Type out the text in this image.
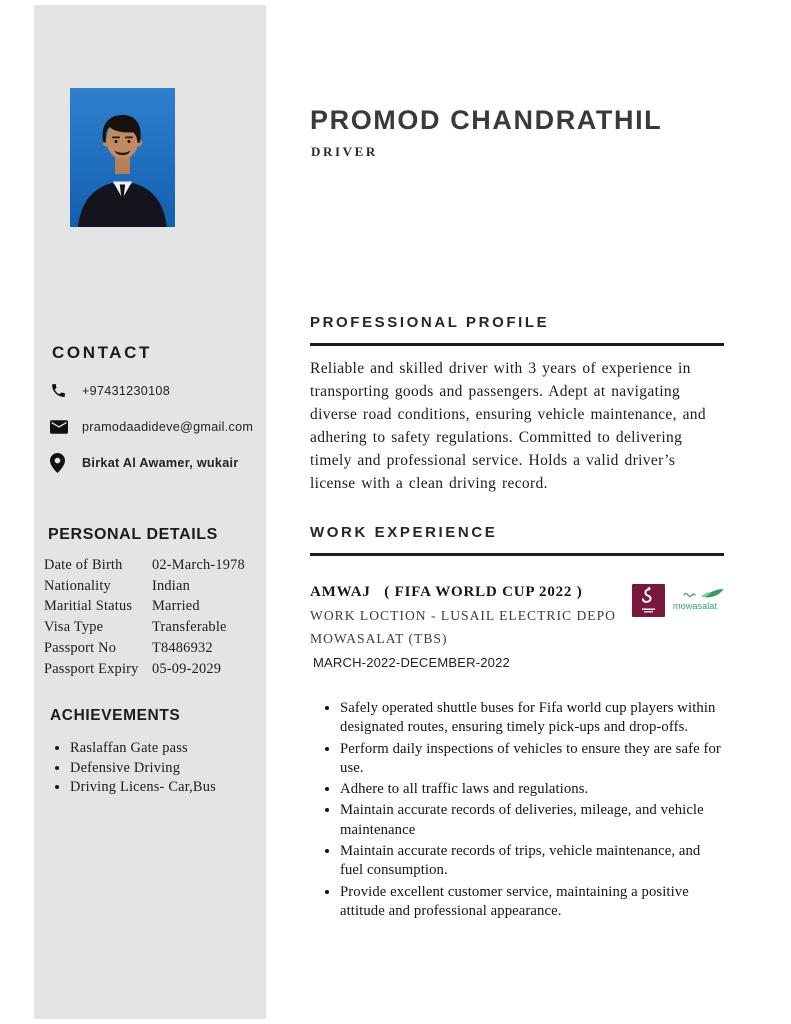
CONTACT
+97431230108
pramodaadideve@gmail.com
Birkat Al Awamer, wukair
PERSONAL DETAILS
Date of Birth	02-March-1978
Nationality	Indian
Maritial Status	Married
Visa Type	Transferable
Passport No	T8486932
Passport Expiry 05-09-2029
ACHIEVEMENTS
• Raslaffan Gate pass
• Defensive Driving
• Driving Licens- Car,Bus
PROMOD CHANDRATHIL
DRIVER
PROFESSIONAL PROFILE

Reliable and skilled driver with 3 years of experience in transporting goods and passengers. Adept at navigating diverse road conditions, ensuring vehicle maintenance, and adhering to safety regulations. Committed to delivering timely and professional service. Holds a valid driver’s license with a clean driving record.

WORK EXPERIENCE
AMWAJ   ( FIFA WORLD CUP 2022 )
mowasalat

WORK LOCTION - LUSAIL ELECTRIC DEPO

MOWASALAT (TBS)

MARCH-2022-DECEMBER-2022

• Safely operated shuttle buses for Fifa world cup players within designated routes, ensuring timely pick-ups and drop-offs.
• Perform daily inspections of vehicles to ensure they are safe for use.
• Adhere to all traffic laws and regulations.
• Maintain accurate records of deliveries, mileage, and vehicle maintenance
• Maintain accurate records of trips, vehicle maintenance, and fuel consumption.
• Provide excellent customer service, maintaining a positive attitude and professional appearance.
